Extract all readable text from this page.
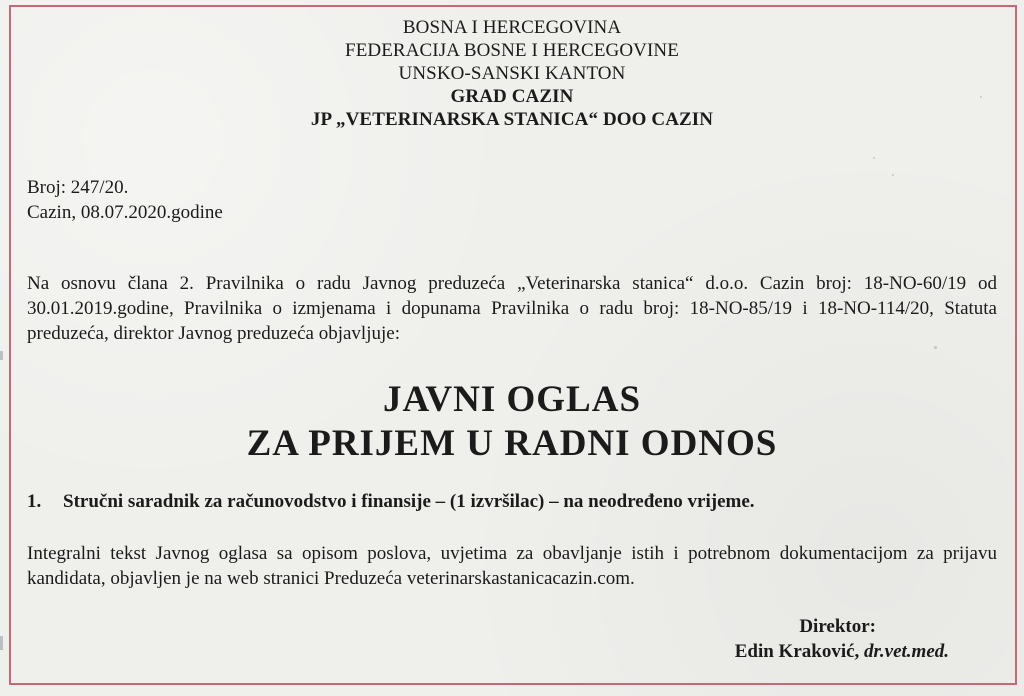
BOSNA I HERCEGOVINA
FEDERACIJA BOSNE I HERCEGOVINE
UNSKO-SANSKI KANTON
GRAD CAZIN
JP „VETERINARSKA STANICA“ DOO CAZIN
Broj: 247/20.
Cazin, 08.07.2020.godine
Na osnovu člana 2. Pravilnika o radu Javnog preduzeća „Veterinarska stanica“ d.o.o. Cazin broj: 18-NO-60/19 od 30.01.2019.godine, Pravilnika o izmjenama i dopunama Pravilnika o radu broj: 18-NO-85/19 i 18-NO-114/20, Statuta preduzeća, direktor Javnog preduzeća objavljuje:
JAVNI OGLAS
ZA PRIJEM U RADNI ODNOS
1. Stručni saradnik za računovodstvo i finansije – (1 izvršilac) – na neodređeno vrijeme.
Integralni tekst Javnog oglasa sa opisom poslova, uvjetima za obavljanje istih i potrebnom dokumentacijom za prijavu kandidata, objavljen je na web stranici Preduzeća veterinarskastanicacazin.com.
Direktor:
Edin Kraković, dr.vet.med.
